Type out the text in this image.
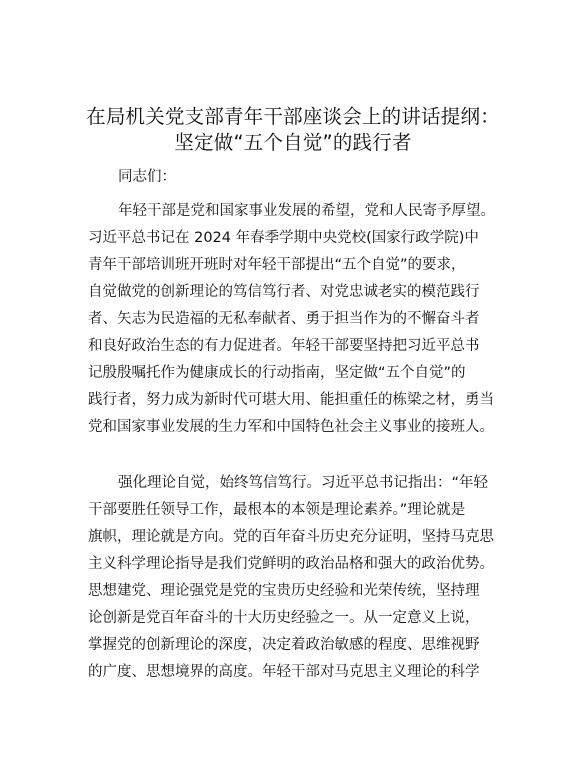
在局机关党支部青年干部座谈会上的讲话提纲：
坚定做“五个自觉”的践行者

同志们：

年轻干部是党和国家事业发展的希望，党和人民寄予厚望。

习近平总书记在 2024 年春季学期中央党校(国家行政学院)中

青年干部培训班开班时对年轻干部提出“五个自觉”的要求，

自觉做党的创新理论的笃信笃行者、对党忠诚老实的模范践行

者、矢志为民造福的无私奉献者、勇于担当作为的不懈奋斗者

和良好政治生态的有力促进者。年轻干部要坚持把习近平总书

记殷殷嘱托作为健康成长的行动指南，坚定做“五个自觉”的

践行者，努力成为新时代可堪大用、能担重任的栋梁之材，勇当

党和国家事业发展的生力军和中国特色社会主义事业的接班人。

强化理论自觉，始终笃信笃行。习近平总书记指出：“年轻

干部要胜任领导工作，最根本的本领是理论素养。”理论就是

旗帜，理论就是方向。党的百年奋斗历史充分证明，坚持马克思

主义科学理论指导是我们党鲜明的政治品格和强大的政治优势。

思想建党、理论强党是党的宝贵历史经验和光荣传统，坚持理

论创新是党百年奋斗的十大历史经验之一。从一定意义上说，

掌握党的创新理论的深度，决定着政治敏感的程度、思维视野

的广度、思想境界的高度。年轻干部对马克思主义理论的科学
